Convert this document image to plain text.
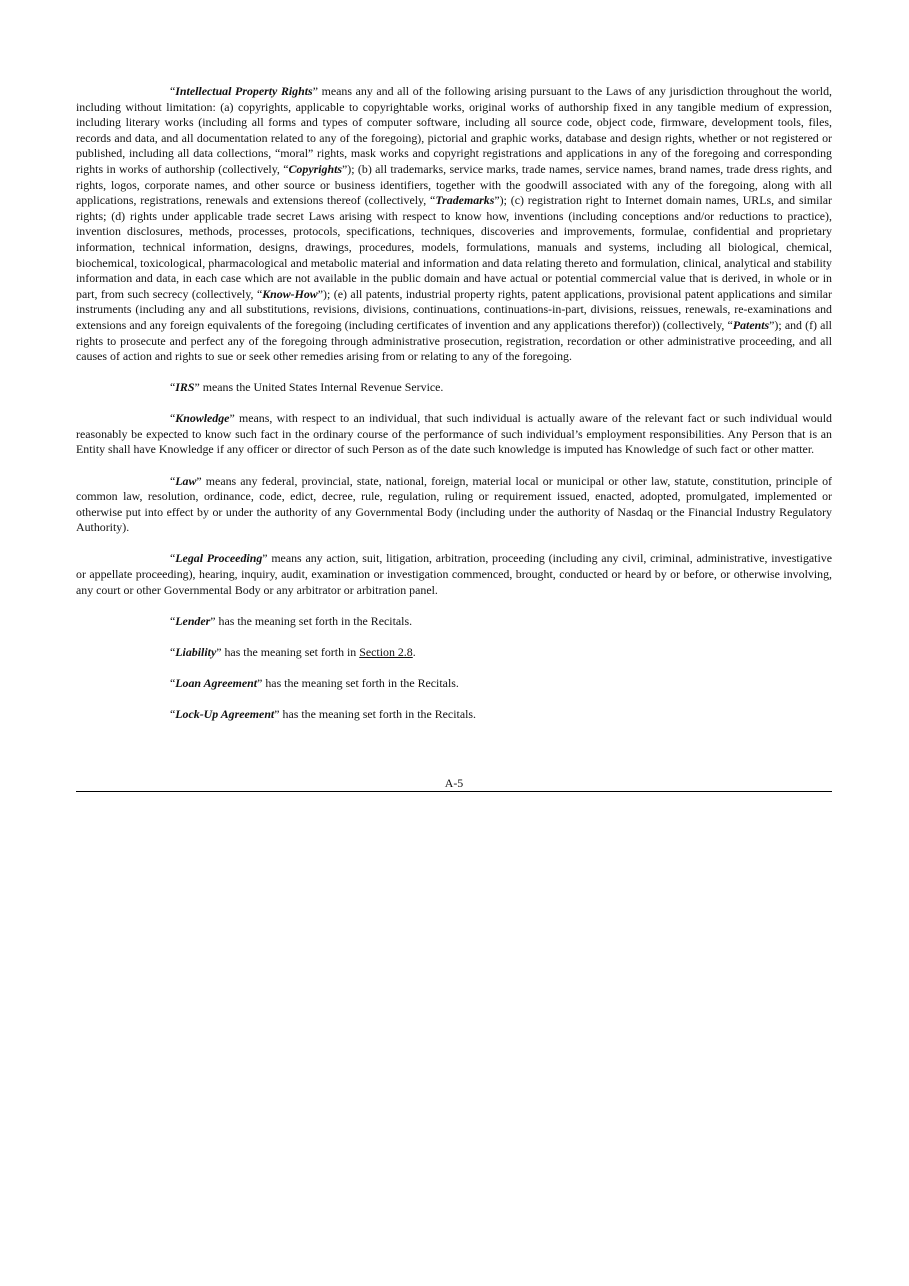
“Intellectual Property Rights” means any and all of the following arising pursuant to the Laws of any jurisdiction throughout the world, including without limitation: (a) copyrights, applicable to copyrightable works, original works of authorship fixed in any tangible medium of expression, including literary works (including all forms and types of computer software, including all source code, object code, firmware, development tools, files, records and data, and all documentation related to any of the foregoing), pictorial and graphic works, database and design rights, whether or not registered or published, including all data collections, “moral” rights, mask works and copyright registrations and applications in any of the foregoing and corresponding rights in works of authorship (collectively, “Copyrights”); (b) all trademarks, service marks, trade names, service names, brand names, trade dress rights, and rights, logos, corporate names, and other source or business identifiers, together with the goodwill associated with any of the foregoing, along with all applications, registrations, renewals and extensions thereof (collectively, “Trademarks”); (c) registration right to Internet domain names, URLs, and similar rights; (d) rights under applicable trade secret Laws arising with respect to know how, inventions (including conceptions and/or reductions to practice), invention disclosures, methods, processes, protocols, specifications, techniques, discoveries and improvements, formulae, confidential and proprietary information, technical information, designs, drawings, procedures, models, formulations, manuals and systems, including all biological, chemical, biochemical, toxicological, pharmacological and metabolic material and information and data relating thereto and formulation, clinical, analytical and stability information and data, in each case which are not available in the public domain and have actual or potential commercial value that is derived, in whole or in part, from such secrecy (collectively, “Know-How”); (e) all patents, industrial property rights, patent applications, provisional patent applications and similar instruments (including any and all substitutions, revisions, divisions, continuations, continuations-in-part, divisions, reissues, renewals, re-examinations and extensions and any foreign equivalents of the foregoing (including certificates of invention and any applications therefor)) (collectively, “Patents”); and (f) all rights to prosecute and perfect any of the foregoing through administrative prosecution, registration, recordation or other administrative proceeding, and all causes of action and rights to sue or seek other remedies arising from or relating to any of the foregoing.

“IRS” means the United States Internal Revenue Service.

“Knowledge” means, with respect to an individual, that such individual is actually aware of the relevant fact or such individual would reasonably be expected to know such fact in the ordinary course of the performance of such individual’s employment responsibilities. Any Person that is an Entity shall have Knowledge if any officer or director of such Person as of the date such knowledge is imputed has Knowledge of such fact or other matter.

“Law” means any federal, provincial, state, national, foreign, material local or municipal or other law, statute, constitution, principle of common law, resolution, ordinance, code, edict, decree, rule, regulation, ruling or requirement issued, enacted, adopted, promulgated, implemented or otherwise put into effect by or under the authority of any Governmental Body (including under the authority of Nasdaq or the Financial Industry Regulatory Authority).

“Legal Proceeding” means any action, suit, litigation, arbitration, proceeding (including any civil, criminal, administrative, investigative or appellate proceeding), hearing, inquiry, audit, examination or investigation commenced, brought, conducted or heard by or before, or otherwise involving, any court or other Governmental Body or any arbitrator or arbitration panel.

“Lender” has the meaning set forth in the Recitals.

“Liability” has the meaning set forth in Section 2.8.

“Loan Agreement” has the meaning set forth in the Recitals.

“Lock-Up Agreement” has the meaning set forth in the Recitals.

A-5
